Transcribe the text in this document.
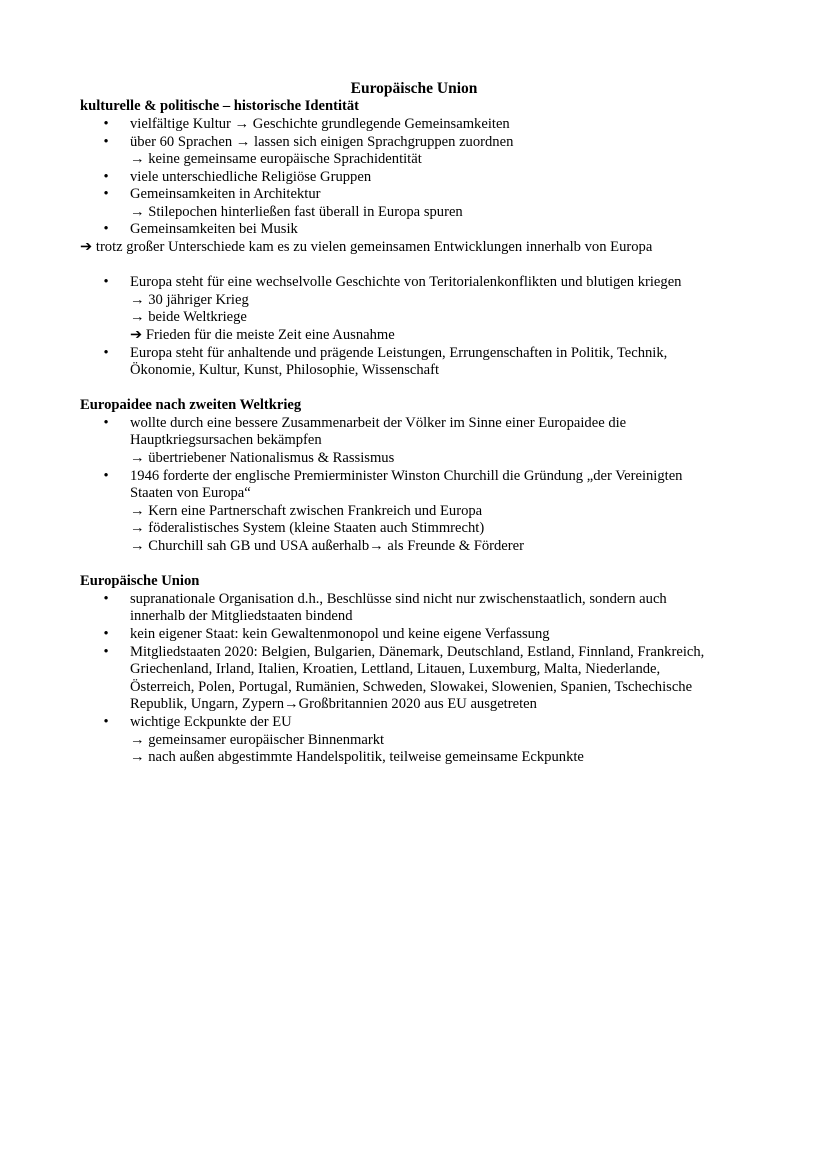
Europäische Union
kulturelle & politische – historische Identität
• vielfältige Kultur → Geschichte grundlegende Gemeinsamkeiten
• über 60 Sprachen → lassen sich einigen Sprachgruppen zuordnen
→ keine gemeinsame europäische Sprachidentität
• viele unterschiedliche Religiöse Gruppen
• Gemeinsamkeiten in Architektur
→ Stilepochen hinterließen fast überall in Europa spuren
• Gemeinsamkeiten bei Musik
➔ trotz großer Unterschiede kam es zu vielen gemeinsamen Entwicklungen innerhalb von Europa
• Europa steht für eine wechselvolle Geschichte von Teritorialenkonflikten und blutigen kriegen
→ 30 jähriger Krieg
→ beide Weltkriege
➔ Frieden für die meiste Zeit eine Ausnahme
• Europa steht für anhaltende und prägende Leistungen, Errungenschaften in Politik, Technik,
Ökonomie, Kultur, Kunst, Philosophie, Wissenschaft
Europaidee nach zweiten Weltkrieg
• wollte durch eine bessere Zusammenarbeit der Völker im Sinne einer Europaidee die
Hauptkriegsursachen bekämpfen
→ übertriebener Nationalismus & Rassismus
• 1946 forderte der englische Premierminister Winston Churchill die Gründung „der Vereinigten
Staaten von Europa“
→ Kern eine Partnerschaft zwischen Frankreich und Europa
→ föderalistisches System (kleine Staaten auch Stimmrecht)
→ Churchill sah GB und USA außerhalb→ als Freunde & Förderer
Europäische Union
• supranationale Organisation d.h., Beschlüsse sind nicht nur zwischenstaatlich, sondern auch
innerhalb der Mitgliedstaaten bindend
• kein eigener Staat: kein Gewaltenmonopol und keine eigene Verfassung
• Mitgliedstaaten 2020: Belgien, Bulgarien, Dänemark, Deutschland, Estland, Finnland, Frankreich,
Griechenland, Irland, Italien, Kroatien, Lettland, Litauen, Luxemburg, Malta, Niederlande,
Österreich, Polen, Portugal, Rumänien, Schweden, Slowakei, Slowenien, Spanien, Tschechische
Republik, Ungarn, Zypern→Großbritannien 2020 aus EU ausgetreten
• wichtige Eckpunkte der EU
→ gemeinsamer europäischer Binnenmarkt
→ nach außen abgestimmte Handelspolitik, teilweise gemeinsame Eckpunkte
